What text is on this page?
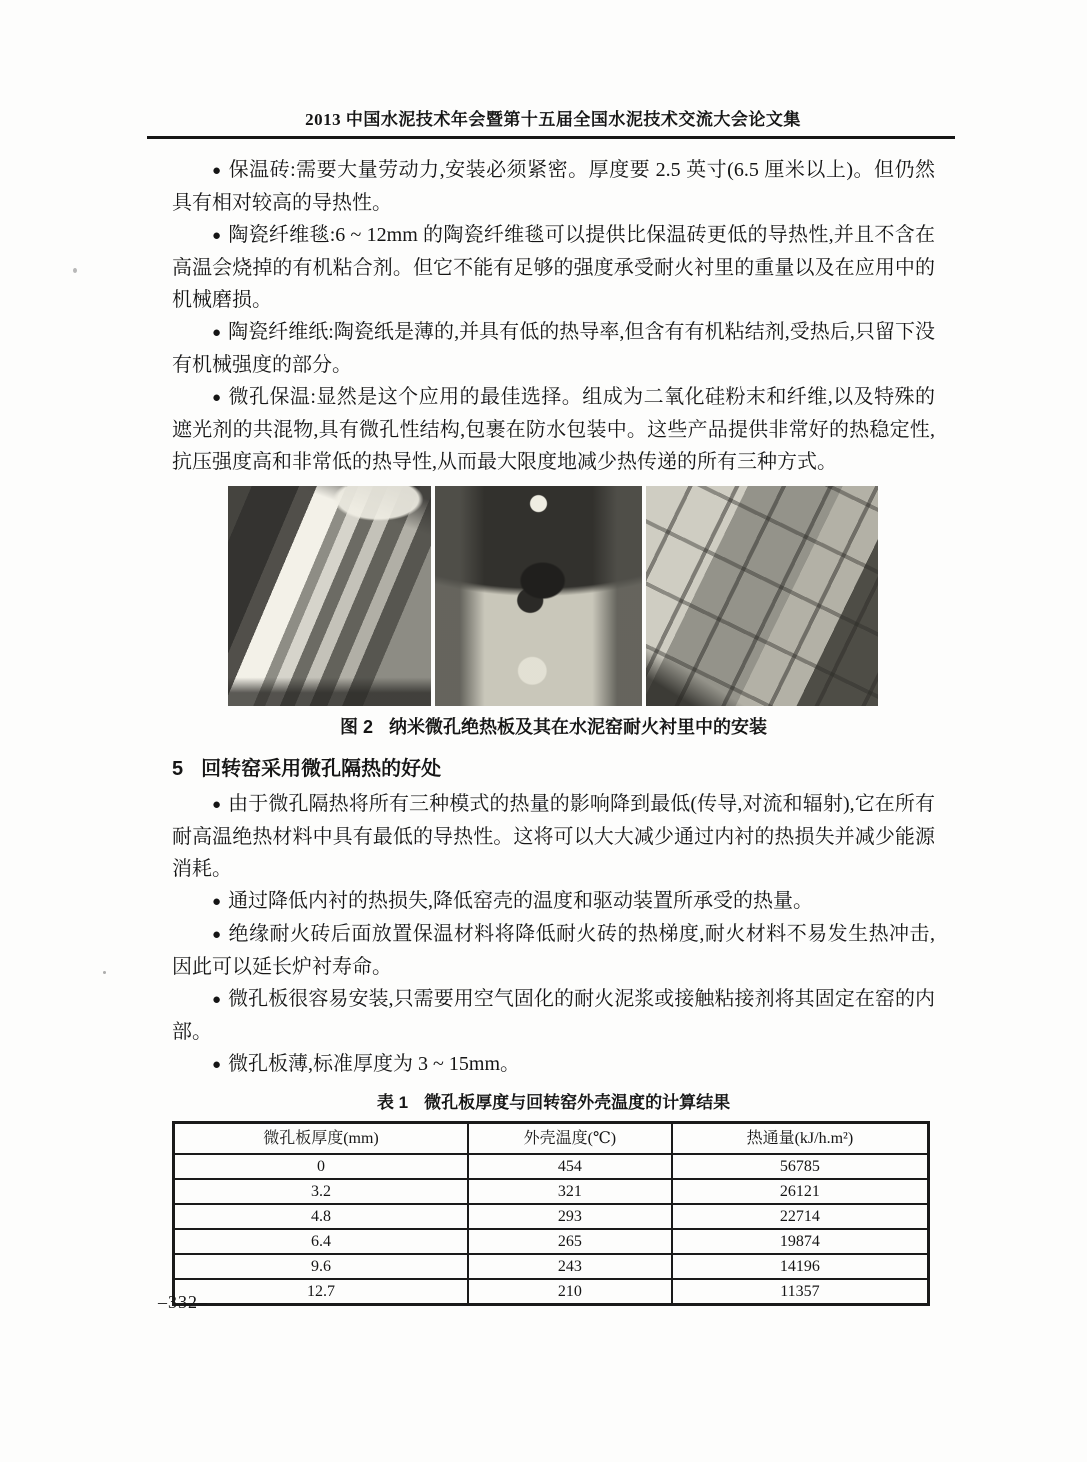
2013 中国水泥技术年会暨第十五届全国水泥技术交流大会论文集

● 保温砖:需要大量劳动力,安装必须紧密。厚度要 2.5 英寸(6.5 厘米以上)。但仍然具有相对较高的导热性。

● 陶瓷纤维毯:6 ~ 12mm 的陶瓷纤维毯可以提供比保温砖更低的导热性,并且不含在高温会烧掉的有机粘合剂。但它不能有足够的强度承受耐火衬里的重量以及在应用中的机械磨损。

● 陶瓷纤维纸:陶瓷纸是薄的,并具有低的热导率,但含有有机粘结剂,受热后,只留下没有机械强度的部分。

● 微孔保温:显然是这个应用的最佳选择。组成为二氧化硅粉末和纤维,以及特殊的遮光剂的共混物,具有微孔性结构,包裹在防水包装中。这些产品提供非常好的热稳定性,抗压强度高和非常低的热导性,从而最大限度地减少热传递的所有三种方式。

图 2 纳米微孔绝热板及其在水泥窑耐火衬里中的安装

5 回转窑采用微孔隔热的好处

● 由于微孔隔热将所有三种模式的热量的影响降到最低(传导,对流和辐射),它在所有耐高温绝热材料中具有最低的导热性。这将可以大大减少通过内衬的热损失并减少能源消耗。

● 通过降低内衬的热损失,降低窑壳的温度和驱动装置所承受的热量。

● 绝缘耐火砖后面放置保温材料将降低耐火砖的热梯度,耐火材料不易发生热冲击,因此可以延长炉衬寿命。

● 微孔板很容易安装,只需要用空气固化的耐火泥浆或接触粘接剂将其固定在窑的内部。

● 微孔板薄,标准厚度为 3 ~ 15mm。

表 1 微孔板厚度与回转窑外壳温度的计算结果

微孔板厚度(mm)	外壳温度(℃)	热通量(kJ/h.m²)
0	454	56785
3.2	321	26121
4.8	293	22714
6.4	265	19874
9.6	243	14196
12.7	210	11357
–332–
